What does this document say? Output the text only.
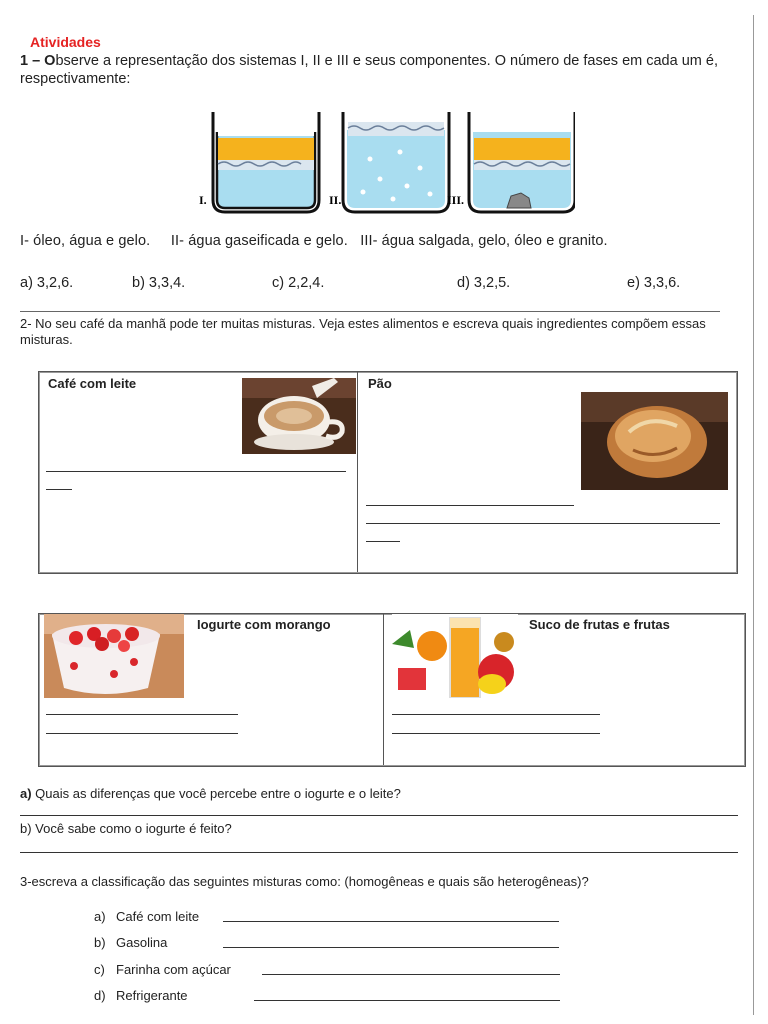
Atividades
1 – Observe a representação dos sistemas I, II e III e seus componentes. O número de fases em cada um é, respectivamente:
I.	II.	III.
I- óleo, água e gelo.     II- água gaseificada e gelo.   III- água salgada, gelo, óleo e granito.
a) 3,2,6.	b) 3,3,4.	c) 2,2,4.	d) 3,2,5.	e) 3,3,6.
2- No seu café da manhã pode ter muitas misturas. Veja estes alimentos e escreva quais ingredientes compõem essas misturas.
Café com leite	Pão
Iogurte com morango	Suco de frutas e frutas
a) Quais as diferenças que você percebe entre o iogurte e o leite?
b) Você sabe como o iogurte é feito?
3-escreva a classificação das seguintes misturas como: (homogêneas e quais são heterogêneas)?
a) Café com leite
b) Gasolina
c) Farinha com açúcar
d) Refrigerante
